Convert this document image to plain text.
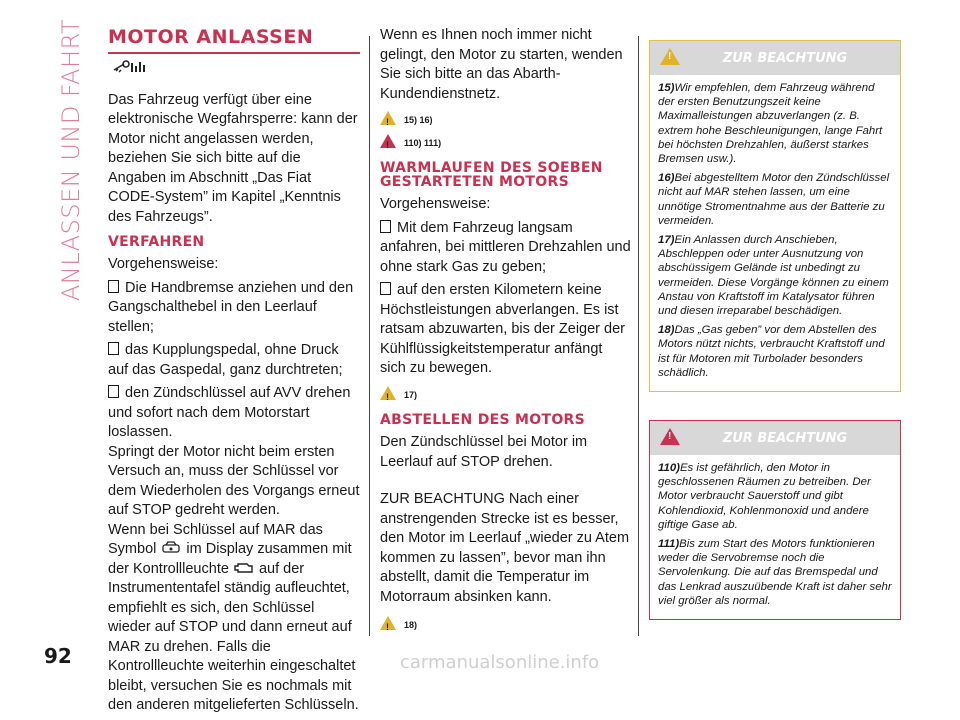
ANLASSEN UND FAHRT MOTOR ANLASSEN

Das Fahrzeug verfügt über eine elektronische Wegfahrsperre: kann der Motor nicht angelassen werden, beziehen Sie sich bitte auf die Angaben im Abschnitt „Das Fiat CODE-System” im Kapitel „Kenntnis des Fahrzeugs”.

VERFAHREN

Vorgehensweise:

Die Handbremse anziehen und den Gangschalthebel in den Leerlauf stellen;

das Kupplungspedal, ohne Druck auf das Gaspedal, ganz durchtreten;

den Zündschlüssel auf AVV drehen und sofort nach dem Motorstart loslassen.

Springt der Motor nicht beim ersten Versuch an, muss der Schlüssel vor dem Wiederholen des Vorgangs erneut auf STOP gedreht werden.

Wenn bei Schlüssel auf MAR das Symbol im Display zusammen mit der Kontrollleuchte auf der Instrumententafel ständig aufleuchtet, empfiehlt es sich, den Schlüssel wieder auf STOP und dann erneut auf MAR zu drehen. Falls die Kontrollleuchte weiterhin eingeschaltet bleibt, versuchen Sie es nochmals mit den anderen mitgelieferten Schlüsseln.

Wenn es Ihnen noch immer nicht gelingt, den Motor zu starten, wenden Sie sich bitte an das Abarth-Kundendienstnetz.

! 15) 16)

! 110) 111)

WARMLAUFEN DES SOEBEN GESTARTETEN MOTORS

Vorgehensweise:

Mit dem Fahrzeug langsam anfahren, bei mittleren Drehzahlen und ohne stark Gas zu geben;

auf den ersten Kilometern keine Höchstleistungen abverlangen. Es ist ratsam abzuwarten, bis der Zeiger der Kühlflüssigkeitstemperatur anfängt sich zu bewegen.

! 17)

ABSTELLEN DES MOTORS

Den Zündschlüssel bei Motor im Leerlauf auf STOP drehen.

ZUR BEACHTUNG Nach einer anstrengenden Strecke ist es besser, den Motor im Leerlauf „wieder zu Atem kommen zu lassen”, bevor man ihn abstellt, damit die Temperatur im Motorraum absinken kann.

! 18)

!
ZUR BEACHTUNG

15)Wir empfehlen, dem Fahrzeug während der ersten Benutzungszeit keine Maximalleistungen abzuverlangen (z. B. extrem hohe Beschleunigungen, lange Fahrt bei höchsten Drehzahlen, äußerst starkes Bremsen usw.).

16)Bei abgestelltem Motor den Zündschlüssel nicht auf MAR stehen lassen, um eine unnötige Stromentnahme aus der Batterie zu vermeiden.

17)Ein Anlassen durch Anschieben, Abschleppen oder unter Ausnutzung von abschüssigem Gelände ist unbedingt zu vermeiden. Diese Vorgänge können zu einem Anstau von Kraftstoff im Katalysator führen und diesen irreparabel beschädigen.

18)Das „Gas geben” vor dem Abstellen des Motors nützt nichts, verbraucht Kraftstoff und ist für Motoren mit Turbolader besonders schädlich.

!
ZUR BEACHTUNG

110)Es ist gefährlich, den Motor in geschlossenen Räumen zu betreiben. Der Motor verbraucht Sauerstoff und gibt Kohlendioxid, Kohlenmonoxid und andere giftige Gase ab.

111)Bis zum Start des Motors funktionieren weder die Servobremse noch die Servolenkung. Die auf das Bremspedal und das Lenkrad auszuübende Kraft ist daher sehr viel größer als normal.

92	carmanualsonline.info
